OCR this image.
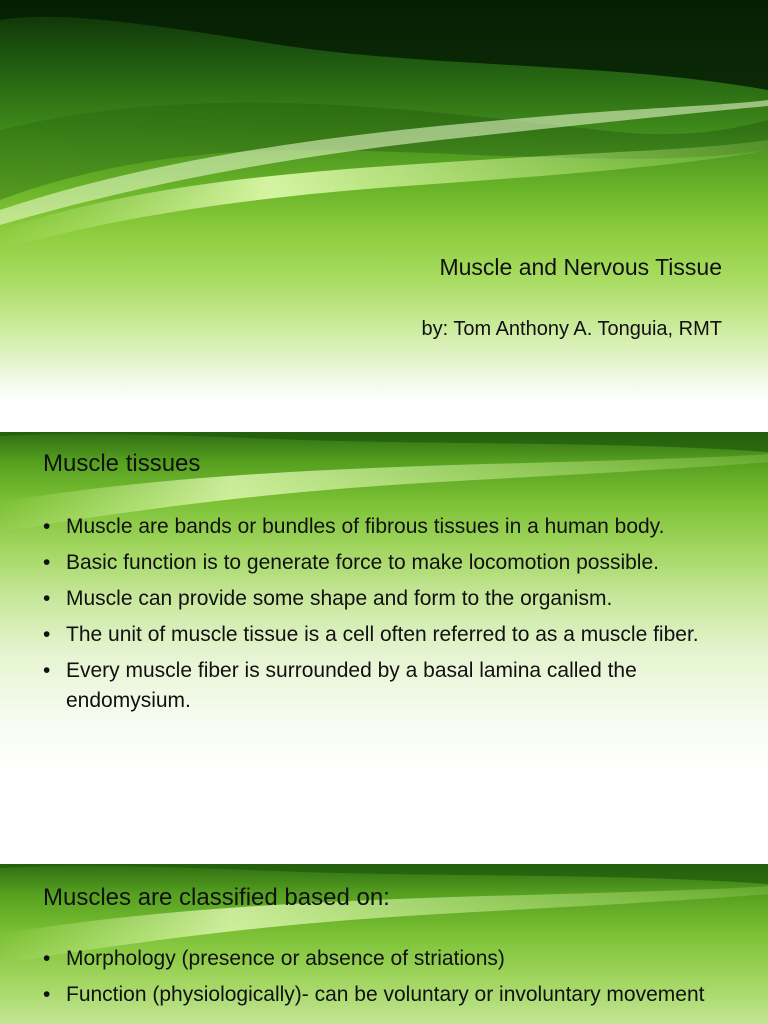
Muscle and Nervous Tissue
by: Tom Anthony A. Tonguia, RMT
Muscle tissues
• Muscle are bands or bundles of fibrous tissues in a human body.
• Basic function is to generate force to make locomotion possible.
• Muscle can provide some shape and form to the organism.
• The unit of muscle tissue is a cell often referred to as a muscle fiber.
• Every muscle fiber is surrounded by a basal lamina called the endomysium.
Muscles are classified based on:
• Morphology (presence or absence of striations)
• Function (physiologically)- can be voluntary or involuntary movement
